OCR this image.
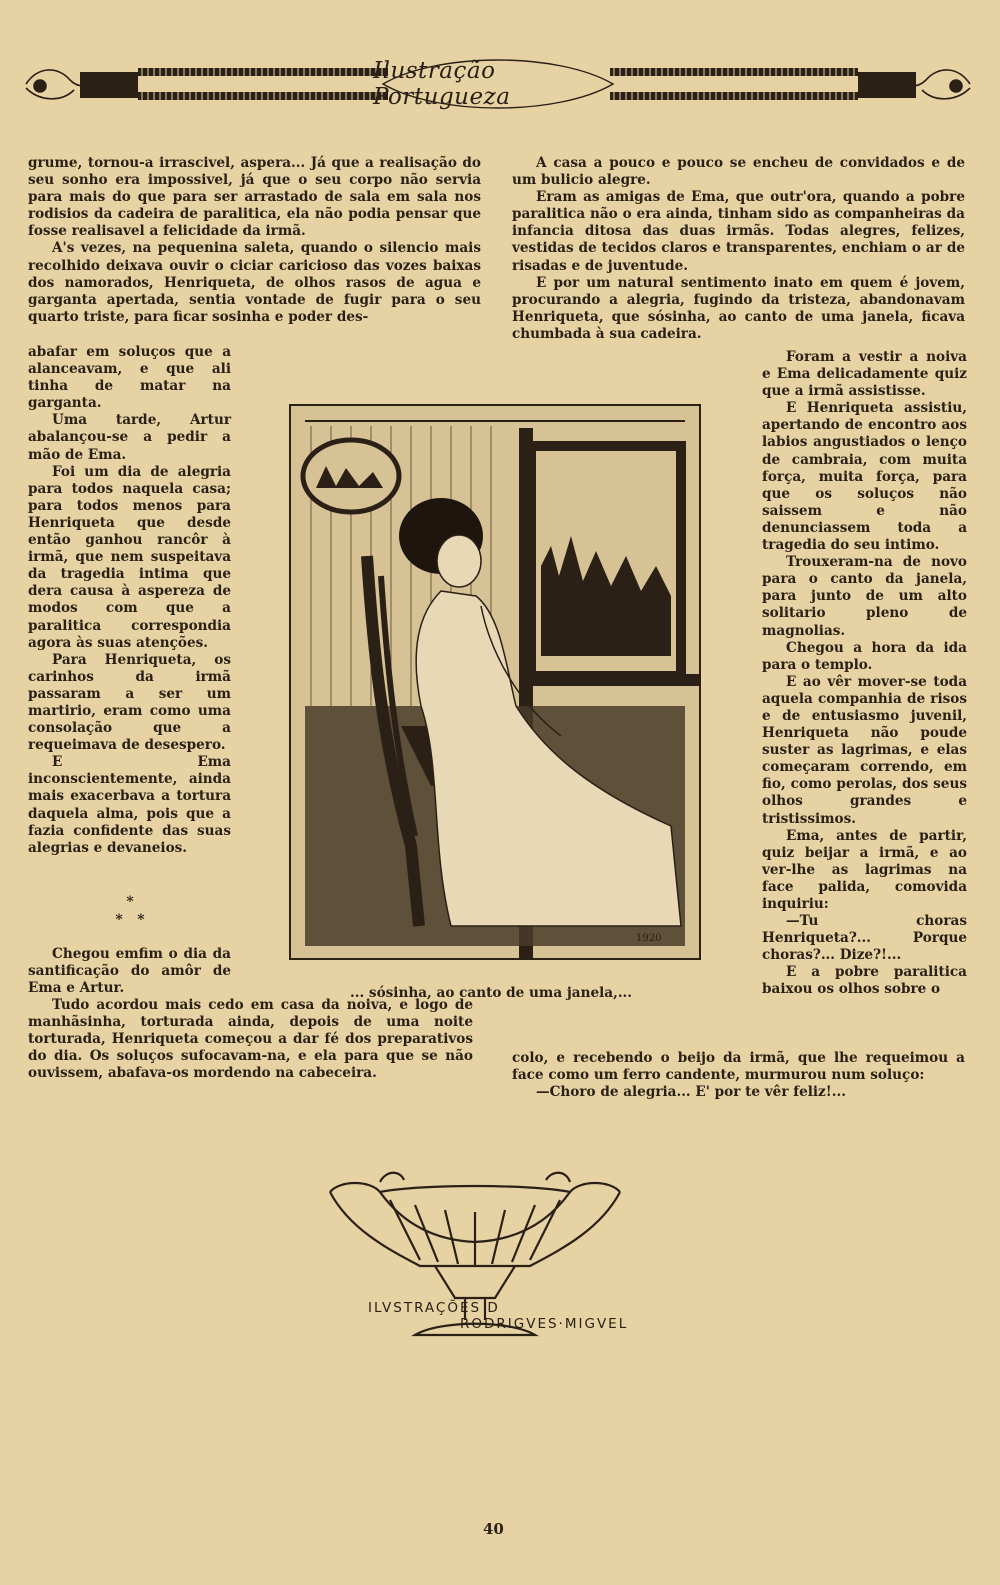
Ilustração Portugueza

grume, tornou-a irrascivel, aspera... Já que a realisação do seu sonho era impossivel, já que o seu corpo não servia para mais do que para ser arrastado de sala em sala nos rodisios da cadeira de paralitica, ela não podia pensar que fosse realisavel a felicidade da irmã.

A's vezes, na pequenina saleta, quando o silencio mais recolhido deixava ouvir o ciciar caricioso das vozes baixas dos namorados, Henriqueta, de olhos rasos de agua e garganta apertada, sentia vontade de fugir para o seu quarto triste, para ficar sosinha e poder des-

abafar em soluços que a alanceavam, e que ali tinha de matar na garganta.

Uma tarde, Artur abalançou-se a pedir a mão de Ema.

Foi um dia de alegria para todos naquela casa; para todos menos para Henriqueta que desde então ganhou rancôr à irmã, que nem suspeitava da tragedia intima que dera causa à aspereza de modos com que a paralitica correspondia agora às suas atenções.

Para Henriqueta, os carinhos da irmã passaram a ser um martirio, eram como uma consolação que a requeimava de desespero.

E Ema inconscientemente, ainda mais exacerbava a tortura daquela alma, pois que a fazia confidente das suas alegrias e devaneios.

*
*   *

Chegou emfim o dia da santificação do amôr de Ema e Artur.

Tudo acordou mais cedo em casa da noiva, e logo de manhãsinha, torturada ainda, depois de uma noite torturada, Henriqueta começou a dar fé dos preparativos do dia. Os soluços sufocavam-na, e ela para que se não ouvissem, abafava-os mordendo na cabeceira.

A casa a pouco e pouco se encheu de convidados e de um bulicio alegre.

Eram as amigas de Ema, que outr'ora, quando a pobre paralitica não o era ainda, tinham sido as companheiras da infancia ditosa das duas irmãs. Todas alegres, felizes, vestidas de tecidos claros e transparentes, enchiam o ar de risadas e de juventude.

E por um natural sentimento inato em quem é jovem, procurando a alegria, fugindo da tristeza, abandonavam Henriqueta, que sósinha, ao canto de uma janela, ficava chumbada à sua cadeira.

Foram a vestir a noiva e Ema delicadamente quiz que a irmã assistisse.

E Henriqueta assistiu, apertando de encontro aos labios angustiados o lenço de cambraia, com muita força, muita força, para que os soluços não saissem e não denunciassem toda a tragedia do seu intimo.

Trouxeram-na de novo para o canto da janela, para junto de um alto solitario pleno de magnolias.

Chegou a hora da ida para o templo.

E ao vêr mover-se toda aquela companhia de risos e de entusiasmo juvenil, Henriqueta não poude suster as lagrimas, e elas começaram correndo, em fio, como perolas, dos seus olhos grandes e tristissimos.

Ema, antes de partir, quiz beijar a irmã, e ao ver-lhe as lagrimas na face palida, comovida inquiriu:

—Tu choras Henriqueta?... Porque choras?... Dize?!...

E a pobre paralitica baixou os olhos sobre o

colo, e recebendo o beijo da irmã, que lhe requeimou a face como um ferro candente, murmurou num soluço:

—Choro de alegria... E' por te vêr feliz!...

1920
... sósinha, ao canto de uma janela,...
ILVSTRAÇÕES D
RODRIGVES·MIGVEL
40
